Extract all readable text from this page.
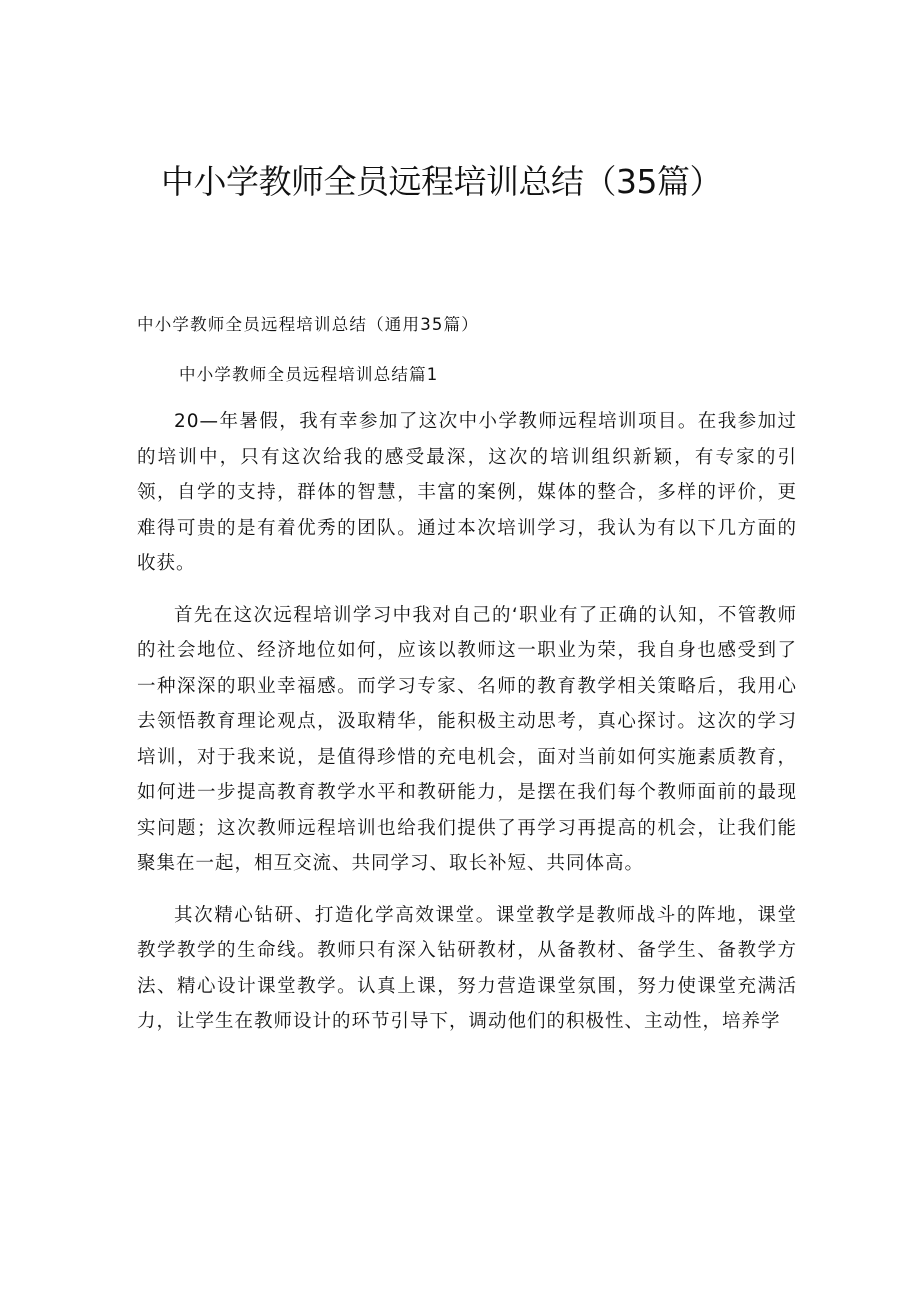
中小学教师全员远程培训总结（35篇）

中小学教师全员远程培训总结（通用35篇）

中小学教师全员远程培训总结篇1

20—年暑假，我有幸参加了这次中小学教师远程培训项目。在我参加过的培训中，只有这次给我的感受最深，这次的培训组织新颖，有专家的引领，自学的支持，群体的智慧，丰富的案例，媒体的整合，多样的评价，更难得可贵的是有着优秀的团队。通过本次培训学习，我认为有以下几方面的收获。

首先在这次远程培训学习中我对自己的‘职业有了正确的认知，不管教师的社会地位、经济地位如何，应该以教师这一职业为荣，我自身也感受到了一种深深的职业幸福感。而学习专家、名师的教育教学相关策略后，我用心去领悟教育理论观点，汲取精华，能积极主动思考，真心探讨。这次的学习培训，对于我来说，是值得珍惜的充电机会，面对当前如何实施素质教育，如何进一步提高教育教学水平和教研能力，是摆在我们每个教师面前的最现实问题；这次教师远程培训也给我们提供了再学习再提高的机会，让我们能聚集在一起，相互交流、共同学习、取长补短、共同体高。

其次精心钻研、打造化学高效课堂。课堂教学是教师战斗的阵地，课堂教学教学的生命线。教师只有深入钻研教材，从备教材、备学生、备教学方法、精心设计课堂教学。认真上课，努力营造课堂氛围，努力使课堂充满活力，让学生在教师设计的环节引导下，调动他们的积极性、主动性，培养学
